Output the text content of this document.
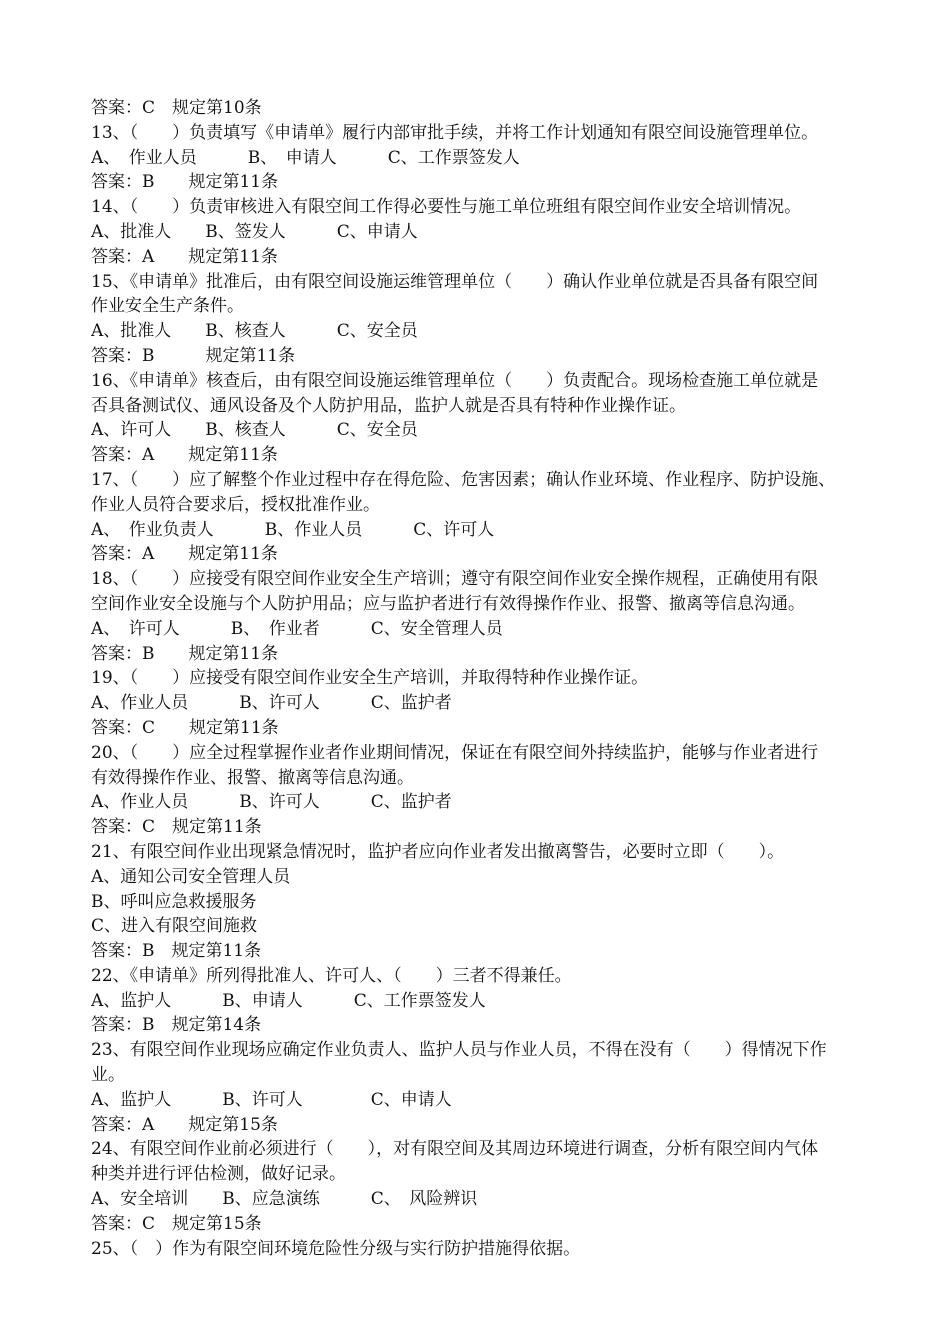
答案：C　规定第10条
13、（　　）负责填写《申请单》履行内部审批手续，并将工作计划通知有限空间设施管理单位。
A、　作业人员　　　B、　申请人　　　C、工作票签发人
答案：B　　规定第11条
14、（　　）负责审核进入有限空间工作得必要性与施工单位班组有限空间作业安全培训情况。
A、批准人　　B、签发人　　　C、申请人
答案：A　　规定第11条
15、《申请单》批准后，由有限空间设施运维管理单位（　　）确认作业单位就是否具备有限空间
作业安全生产条件。
A、批准人　　B、核查人　　　C、安全员
答案：B　　　规定第11条
16、《申请单》核查后，由有限空间设施运维管理单位（　　）负责配合。现场检查施工单位就是
否具备测试仪、通风设备及个人防护用品，监护人就是否具有特种作业操作证。
A、许可人　　B、核查人　　　C、安全员
答案：A　　规定第11条
17、（　　）应了解整个作业过程中存在得危险、危害因素；确认作业环境、作业程序、防护设施、
作业人员符合要求后，授权批准作业。
A、　作业负责人　　　B、作业人员　　　C、许可人
答案：A　　规定第11条
18、（　　）应接受有限空间作业安全生产培训；遵守有限空间作业安全操作规程，正确使用有限
空间作业安全设施与个人防护用品；应与监护者进行有效得操作作业、报警、撤离等信息沟通。
A、　许可人　　　B、　作业者　　　C、安全管理人员
答案：B　　规定第11条
19、（　　）应接受有限空间作业安全生产培训，并取得特种作业操作证。
A、作业人员　　　B、许可人　　　C、监护者
答案：C　　规定第11条
20、（　　）应全过程掌握作业者作业期间情况，保证在有限空间外持续监护，能够与作业者进行
有效得操作作业、报警、撤离等信息沟通。
A、作业人员　　　B、许可人　　　C、监护者
答案：C　规定第11条
21、有限空间作业出现紧急情况时，监护者应向作业者发出撤离警告，必要时立即（　　）。
A、通知公司安全管理人员
B、呼叫应急救援服务
C、进入有限空间施救
答案：B　规定第11条
22、《申请单》所列得批准人、许可人、（　　）三者不得兼任。
A、监护人　　　B、申请人　　　C、工作票签发人
答案：B　规定第14条
23、有限空间作业现场应确定作业负责人、监护人员与作业人员，不得在没有（　　）得情况下作
业。
A、监护人　　　B、许可人　　　　C、申请人
答案：A　　规定第15条
24、有限空间作业前必须进行（　　），对有限空间及其周边环境进行调查，分析有限空间内气体
种类并进行评估检测，做好记录。
A、安全培训　　B、应急演练　　　C、　风险辨识
答案：C　规定第15条
25、（　）作为有限空间环境危险性分级与实行防护措施得依据。
